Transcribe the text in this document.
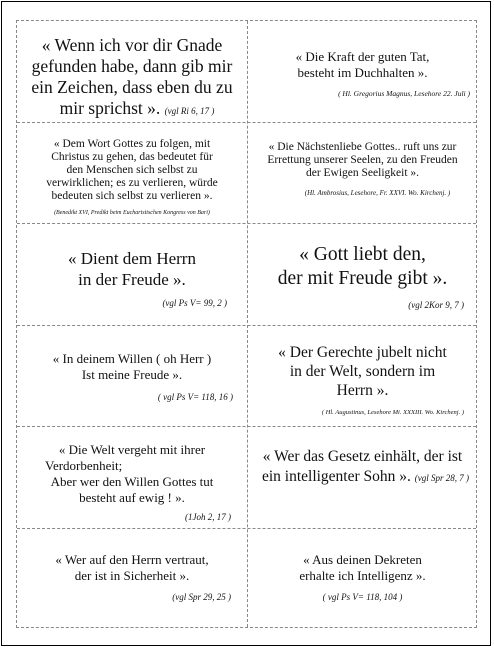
« Wenn ich vor dir Gnade
gefunden habe, dann gib mir
ein Zeichen, dass eben du zu
mir sprichst ». (vgl Ri 6, 17 )
« Die Kraft der guten Tat,
besteht im Duchhalten ».
( Hl. Gregorius Magnus, Lesehore 22. Juli )
« Dem Wort Gottes zu folgen, mit
Christus zu gehen, das bedeutet für
den Menschen sich selbst zu
verwirklichen; es zu verlieren, würde
bedeuten sich selbst zu verlieren ».
(Benedikt XVI, Predikt beim Eucharistischen Kongress von Bari)
« Die Nächstenliebe Gottes.. ruft uns zur
Errettung unserer Seelen, zu den Freuden
der Ewigen Seeligkeit ».
(Hl. Ambrosius, Lesehore, Fr. XXVI. Wo. Kirchenj. )
« Dient dem Herrn
in der Freude ».
(vgl Ps V= 99, 2 )
« Gott liebt den,
der mit Freude gibt ».
(vgl 2Kor 9, 7 )
« In deinem Willen ( oh Herr )
Ist meine Freude ».
( vgl Ps V= 118, 16 )
« Der Gerechte jubelt nicht
in der Welt, sondern im
Herrn ».
( Hl. Augustinus, Lesehore Mi. XXXIII. Wo. Kirchenj. )
« Die Welt vergeht mit ihrer
Verdorbenheit;
Aber wer den Willen Gottes tut
besteht auf ewig ! ».
(1Joh 2, 17 )
« Wer das Gesetz einhält, der ist
ein intelligenter Sohn ». (vgl Spr 28, 7 )
« Wer auf den Herrn vertraut,
der ist in Sicherheit ».
(vgl Spr 29, 25 )
« Aus deinen Dekreten
erhalte ich Intelligenz ».
( vgl Ps V= 118, 104 )
